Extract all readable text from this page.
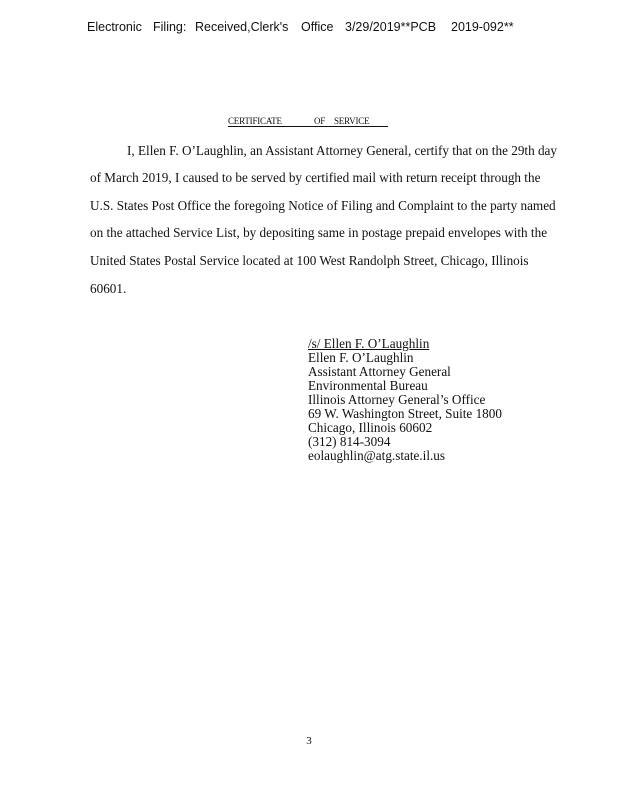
Electronic Filing: Received,Clerk's Office 3/29/2019**PCB 2019-092**
CERTIFICATE	OF SERVICE
I, Ellen F. O’Laughlin, an Assistant Attorney General, certify that on the 29th day
of March 2019, I caused to be served by certified mail with return receipt through the
U.S. States Post Office the foregoing Notice of Filing and Complaint to the party named
on the attached Service List, by depositing same in postage prepaid envelopes with the
United States Postal Service located at 100 West Randolph Street, Chicago, Illinois
60601.
/s/ Ellen F. O’Laughlin
Ellen F. O’Laughlin
Assistant Attorney General
Environmental Bureau
Illinois Attorney General’s Office
69 W. Washington Street, Suite 1800
Chicago, Illinois 60602
(312) 814-3094
eolaughlin@atg.state.il.us
3
